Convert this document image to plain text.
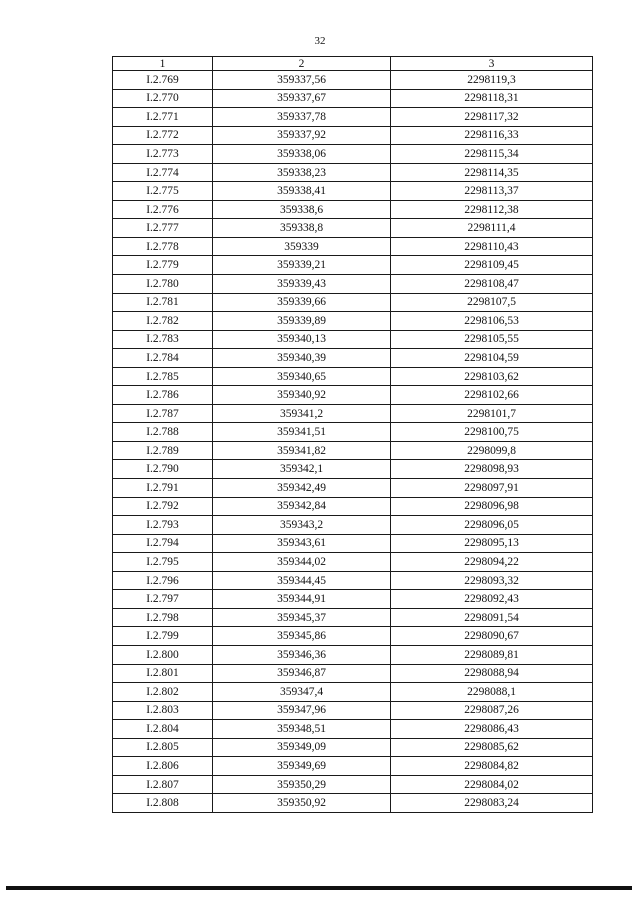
32
1	2	3
I.2.769	359337,56	2298119,3
I.2.770	359337,67	2298118,31
I.2.771	359337,78	2298117,32
I.2.772	359337,92	2298116,33
I.2.773	359338,06	2298115,34
I.2.774	359338,23	2298114,35
I.2.775	359338,41	2298113,37
I.2.776	359338,6	2298112,38
I.2.777	359338,8	2298111,4
I.2.778	359339	2298110,43
I.2.779	359339,21	2298109,45
I.2.780	359339,43	2298108,47
I.2.781	359339,66	2298107,5
I.2.782	359339,89	2298106,53
I.2.783	359340,13	2298105,55
I.2.784	359340,39	2298104,59
I.2.785	359340,65	2298103,62
I.2.786	359340,92	2298102,66
I.2.787	359341,2	2298101,7
I.2.788	359341,51	2298100,75
I.2.789	359341,82	2298099,8
I.2.790	359342,1	2298098,93
I.2.791	359342,49	2298097,91
I.2.792	359342,84	2298096,98
I.2.793	359343,2	2298096,05
I.2.794	359343,61	2298095,13
I.2.795	359344,02	2298094,22
I.2.796	359344,45	2298093,32
I.2.797	359344,91	2298092,43
I.2.798	359345,37	2298091,54
I.2.799	359345,86	2298090,67
I.2.800	359346,36	2298089,81
I.2.801	359346,87	2298088,94
I.2.802	359347,4	2298088,1
I.2.803	359347,96	2298087,26
I.2.804	359348,51	2298086,43
I.2.805	359349,09	2298085,62
I.2.806	359349,69	2298084,82
I.2.807	359350,29	2298084,02
I.2.808	359350,92	2298083,24
